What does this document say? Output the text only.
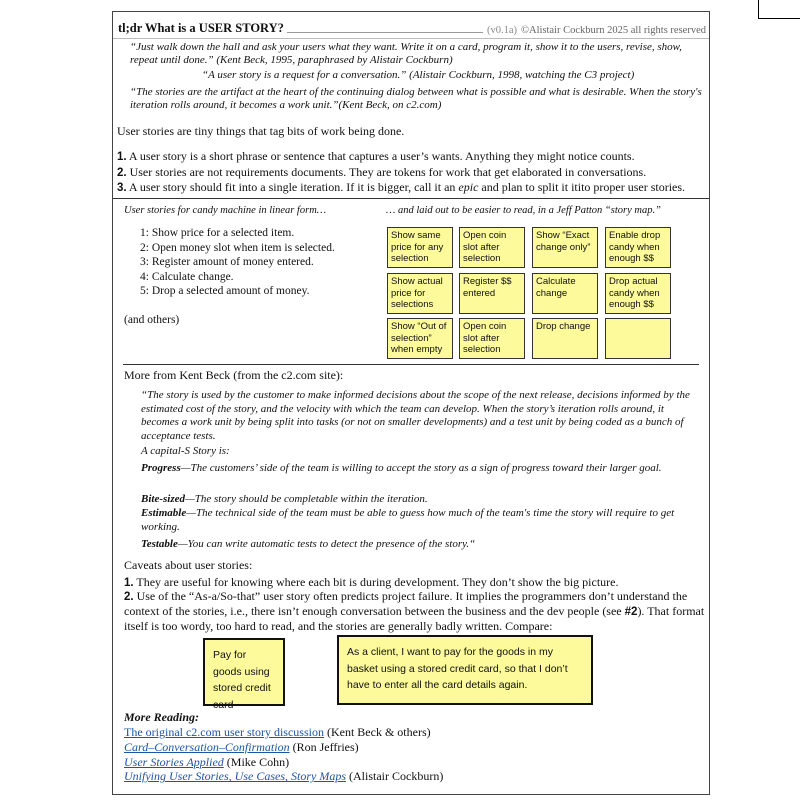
tl;dr What is a USER STORY?	(v0.1a) ©Alistair Cockburn 2025 all rights reserved
“Just walk down the hall and ask your users what they want. Write it on a card, program it, show it to the users, revise, show, repeat until done.” (Kent Beck, 1995, paraphrased by Alistair Cockburn)
“A user story is a request for a conversation.” (Alistair Cockburn, 1998, watching the C3 project)
“The stories are the artifact at the heart of the continuing dialog between what is possible and what is desirable. When the story's iteration rolls around, it becomes a work unit.”(Kent Beck, on c2.com)
User stories are tiny things that tag bits of work being done.
1. A user story is a short phrase or sentence that captures a user’s wants. Anything they might notice counts.
2. User stories are not requirements documents. They are tokens for work that get elaborated in conversations.
3. A user story should fit into a single iteration. If it is bigger, call it an epic and plan to split it itito proper user stories.
User stories for candy machine in linear form…	… and laid out to be easier to read, in a Jeff Patton “story map.”
1: Show price for a selected item.
2: Open money slot when item is selected.
3: Register amount of money entered.
4: Calculate change.
5: Drop a selected amount of money.
(and others)
Show same price for any selection
Open coin slot after selection
Show “Exact change only”
Enable drop candy when enough $$
Show actual price for selections
Register $$ entered
Calculate change
Drop actual candy when enough $$
Show “Out of selection” when empty
Open coin slot after selection
Drop change
More from Kent Beck (from the c2.com site):
“The story is used by the customer to make informed decisions about the scope of the next release, decisions informed by the estimated cost of the story, and the velocity with which the team can develop. When the story’s iteration rolls around, it becomes a work unit by being split into tasks (or not on smaller developments) and a test unit by being coded as a bunch of acceptance tests.
A capital-S Story is:
Progress—The customers’ side of the team is willing to accept the story as a sign of progress toward their larger goal.
Bite-sized—The story should be completable within the iteration.
Estimable—The technical side of the team must be able to guess how much of the team's time the story will require to get working.
Testable—You can write automatic tests to detect the presence of the story.“
Caveats about user stories:
1. They are useful for knowing where each bit is during development. They don’t show the big picture.
2. Use of the “As-a/So-that” user story often predicts project failure. It implies the programmers don’t understand the context of the stories, i.e., there isn’t enough conversation between the business and the dev people (see #2). That format itself is too wordy, too hard to read, and the stories are generally badly written. Compare:
Pay for goods using stored credit card
As a client, I want to pay for the goods in my basket using a stored credit card, so that I don’t have to enter all the card details again.
More Reading:
The original c2.com user story discussion (Kent Beck & others)
Card–Conversation–Confirmation (Ron Jeffries)
User Stories Applied (Mike Cohn)
Unifying User Stories, Use Cases, Story Maps (Alistair Cockburn)
